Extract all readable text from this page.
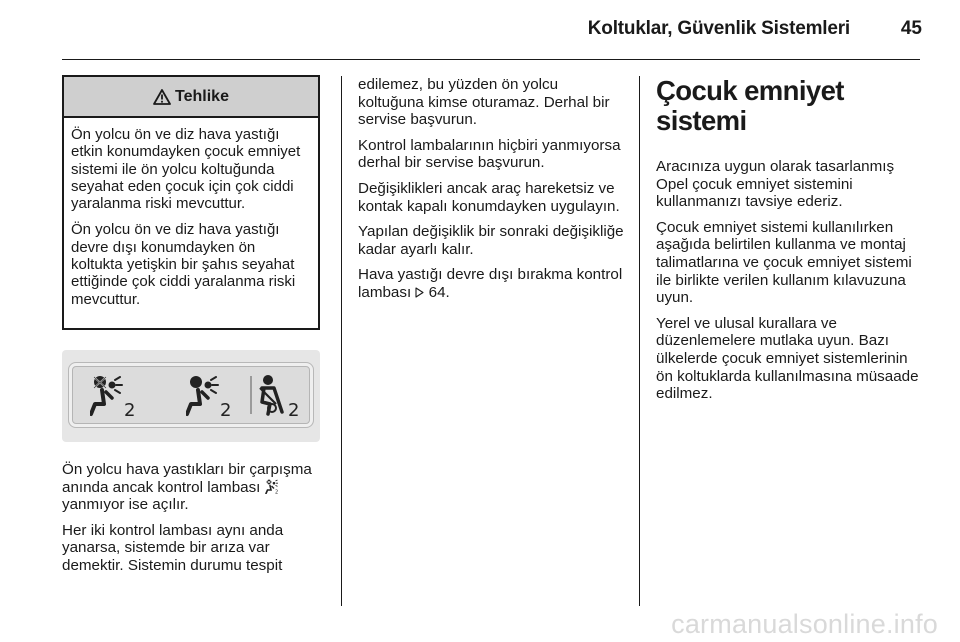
Koltuklar, Güvenlik Sistemleri	45
Tehlike

Ön yolcu ön ve diz hava yastığı etkin konumdayken çocuk emniyet sistemi ile ön yolcu koltuğunda seyahat eden çocuk için çok ciddi yaralanma riski mevcuttur.

Ön yolcu ön ve diz hava yastığı devre dışı konumdayken ön koltukta yetişkin bir şahıs seyahat ettiğinde çok ciddi yaralanma riski mevcuttur.

2	2	2

Ön yolcu hava yastıkları bir çarpışma anında ancak kontrol lambası 2
yanmıyor ise açılır.

Her iki kontrol lambası aynı anda yanarsa, sistemde bir arıza var demektir. Sistemin durumu tespit

edilemez, bu yüzden ön yolcu koltuğuna kimse oturamaz. Derhal bir servise başvurun.

Kontrol lambalarının hiçbiri yanmıyorsa derhal bir servise başvurun.

Değişiklikleri ancak araç hareketsiz ve kontak kapalı konumdayken uygulayın.

Yapılan değişiklik bir sonraki değişikliğe kadar ayarlı kalır.

Hava yastığı devre dışı bırakma kontrol lambası  64.

Çocuk emniyet sistemi

Aracınıza uygun olarak tasarlanmış Opel çocuk emniyet sistemini kullanmanızı tavsiye ederiz.

Çocuk emniyet sistemi kullanılırken aşağıda belirtilen kullanma ve montaj talimatlarına ve çocuk emniyet sistemi ile birlikte verilen kullanım kılavuzuna uyun.

Yerel ve ulusal kurallara ve düzenlemelere mutlaka uyun. Bazı ülkelerde çocuk emniyet sistemlerinin ön koltuklarda kullanılmasına müsaade edilmez.

carmanualsonline.info
